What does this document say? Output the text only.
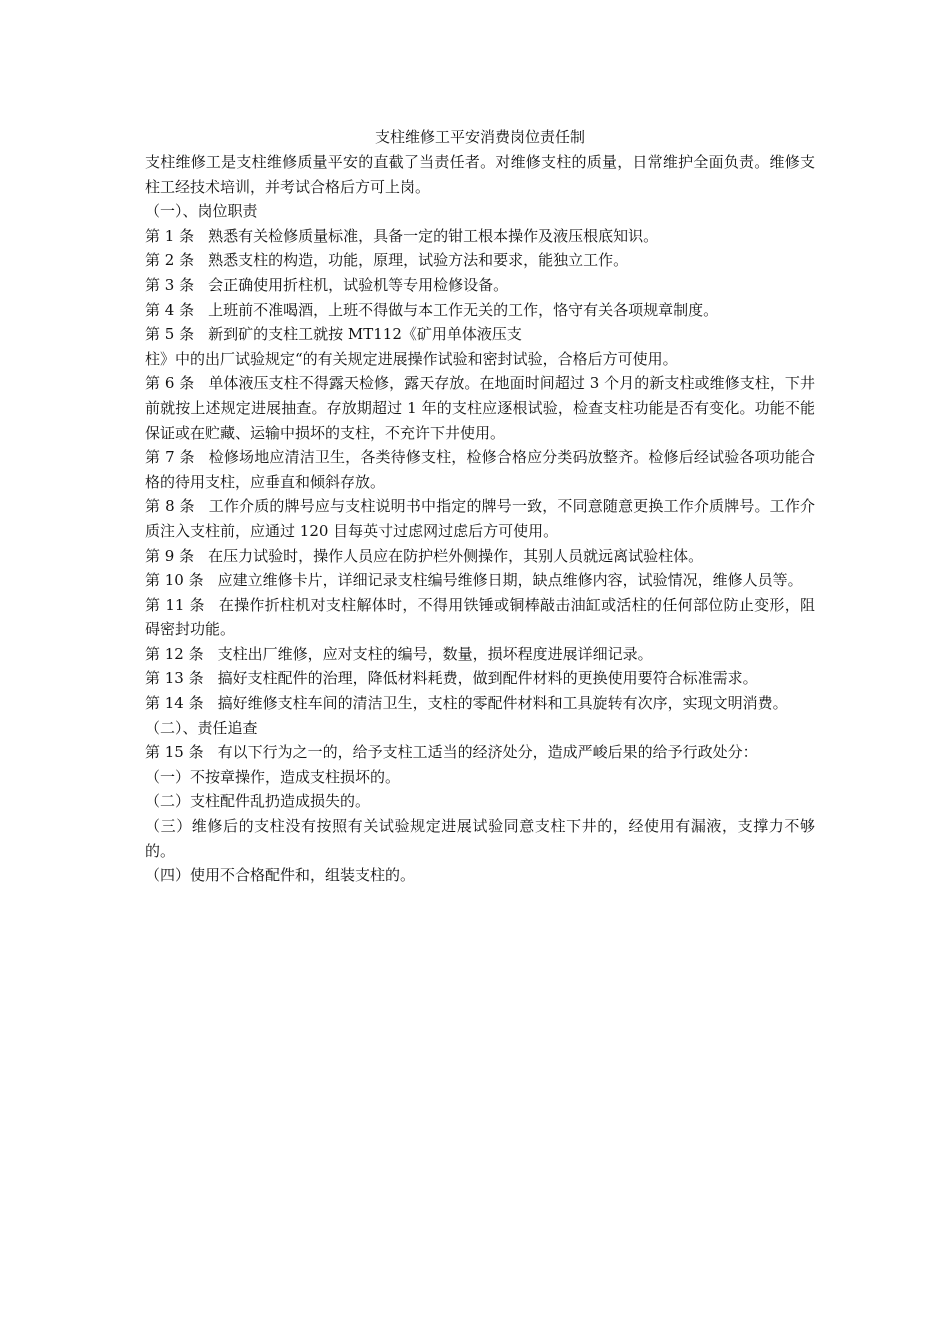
支柱维修工平安消费岗位责任制

支柱维修工是支柱维修质量平安的直截了当责任者。对维修支柱的质量，日常维护全面负责。维修支柱工经技术培训，并考试合格后方可上岗。

（一）、岗位职责

第 1 条 熟悉有关检修质量标准，具备一定的钳工根本操作及液压根底知识。

第 2 条 熟悉支柱的构造，功能，原理，试验方法和要求，能独立工作。

第 3 条 会正确使用折柱机，试验机等专用检修设备。

第 4 条 上班前不准喝酒，上班不得做与本工作无关的工作，恪守有关各项规章制度。

第 5 条 新到矿的支柱工就按 MT112《矿用单体液压支

柱》中的出厂试验规定“的有关规定进展操作试验和密封试验，合格后方可使用。

第 6 条 单体液压支柱不得露天检修，露天存放。在地面时间超过 3 个月的新支柱或维修支柱，下井前就按上述规定进展抽查。存放期超过 1 年的支柱应逐根试验，检查支柱功能是否有变化。功能不能保证或在贮藏、运输中损坏的支柱，不充许下井使用。

第 7 条 检修场地应清洁卫生，各类待修支柱，检修合格应分类码放整齐。检修后经试验各项功能合格的待用支柱，应垂直和倾斜存放。

第 8 条 工作介质的牌号应与支柱说明书中指定的牌号一致，不同意随意更换工作介质牌号。工作介质注入支柱前，应通过 120 目每英寸过虑网过虑后方可使用。

第 9 条 在压力试验时，操作人员应在防护栏外侧操作，其别人员就远离试验柱体。

第 10 条 应建立维修卡片，详细记录支柱编号维修日期，缺点维修内容，试验情况，维修人员等。

第 11 条 在操作折柱机对支柱解体时，不得用铁锤或铜棒敲击油缸或活柱的任何部位防止变形，阻碍密封功能。

第 12 条 支柱出厂维修，应对支柱的编号，数量，损坏程度进展详细记录。

第 13 条 搞好支柱配件的治理，降低材料耗费，做到配件材料的更换使用要符合标准需求。

第 14 条 搞好维修支柱车间的清洁卫生，支柱的零配件材料和工具旋转有次序，实现文明消费。

（二）、责任追查

第 15 条 有以下行为之一的，给予支柱工适当的经济处分，造成严峻后果的给予行政处分：

（一）不按章操作，造成支柱损坏的。

（二）支柱配件乱扔造成损失的。

（三）维修后的支柱没有按照有关试验规定进展试验同意支柱下井的，经使用有漏液，支撑力不够的。

（四）使用不合格配件和，组装支柱的。
